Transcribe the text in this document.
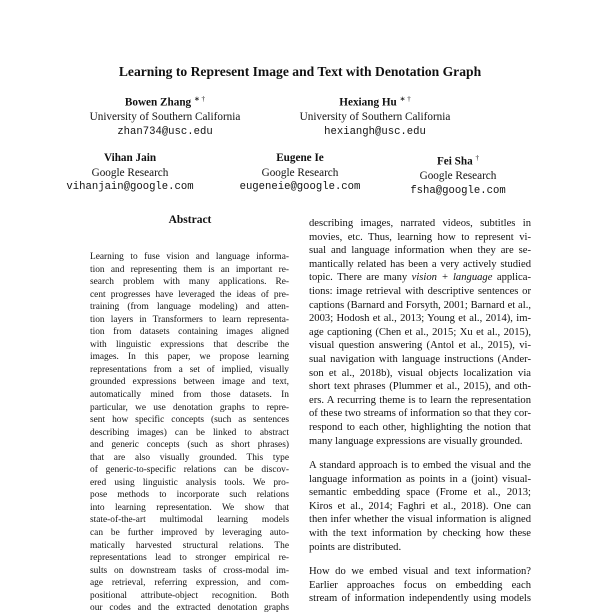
Learning to Represent Image and Text with Denotation Graph
Bowen Zhang ∗ †
University of Southern California
zhan734@usc.edu
Hexiang Hu ∗ †
University of Southern California
hexiangh@usc.edu
Vihan Jain
Google Research
vihanjain@google.com
Eugene Ie
Google Research
eugeneie@google.com
Fei Sha †
Google Research
fsha@google.com
Abstract
Learning to fuse vision and language informa-
tion and representing them is an important re-
search problem with many applications. Re-
cent progresses have leveraged the ideas of pre-
training (from language modeling) and atten-
tion layers in Transformers to learn representa-
tion from datasets containing images aligned
with linguistic expressions that describe the
images. In this paper, we propose learning
representations from a set of implied, visually
grounded expressions between image and text,
automatically mined from those datasets. In
particular, we use denotation graphs to repre-
sent how specific concepts (such as sentences
describing images) can be linked to abstract
and generic concepts (such as short phrases)
that are also visually grounded. This type
of generic-to-specific relations can be discov-
ered using linguistic analysis tools. We pro-
pose methods to incorporate such relations
into learning representation. We show that
state-of-the-art multimodal learning models
can be further improved by leveraging auto-
matically harvested structural relations. The
representations lead to stronger empirical re-
sults on downstream tasks of cross-modal im-
age retrieval, referring expression, and com-
positional attribute-object recognition. Both
our codes and the extracted denotation graphs
describing images, narrated videos, subtitles in
movies, etc. Thus, learning how to represent vi-
sual and language information when they are se-
mantically related has been a very actively studied
topic. There are many vision + language applica-
tions: image retrieval with descriptive sentences or
captions (Barnard and Forsyth, 2001; Barnard et al.,
2003; Hodosh et al., 2013; Young et al., 2014), im-
age captioning (Chen et al., 2015; Xu et al., 2015),
visual question answering (Antol et al., 2015), vi-
sual navigation with language instructions (Ander-
son et al., 2018b), visual objects localization via
short text phrases (Plummer et al., 2015), and oth-
ers. A recurring theme is to learn the representation
of these two streams of information so that they cor-
respond to each other, highlighting the notion that
many language expressions are visually grounded.
A standard approach is to embed the visual and the
language information as points in a (joint) visual-
semantic embedding space (Frome et al., 2013;
Kiros et al., 2014; Faghri et al., 2018). One can
then infer whether the visual information is aligned
with the text information by checking how these
points are distributed.
How do we embed visual and text information?
Earlier approaches focus on embedding each
stream of information independently using models
